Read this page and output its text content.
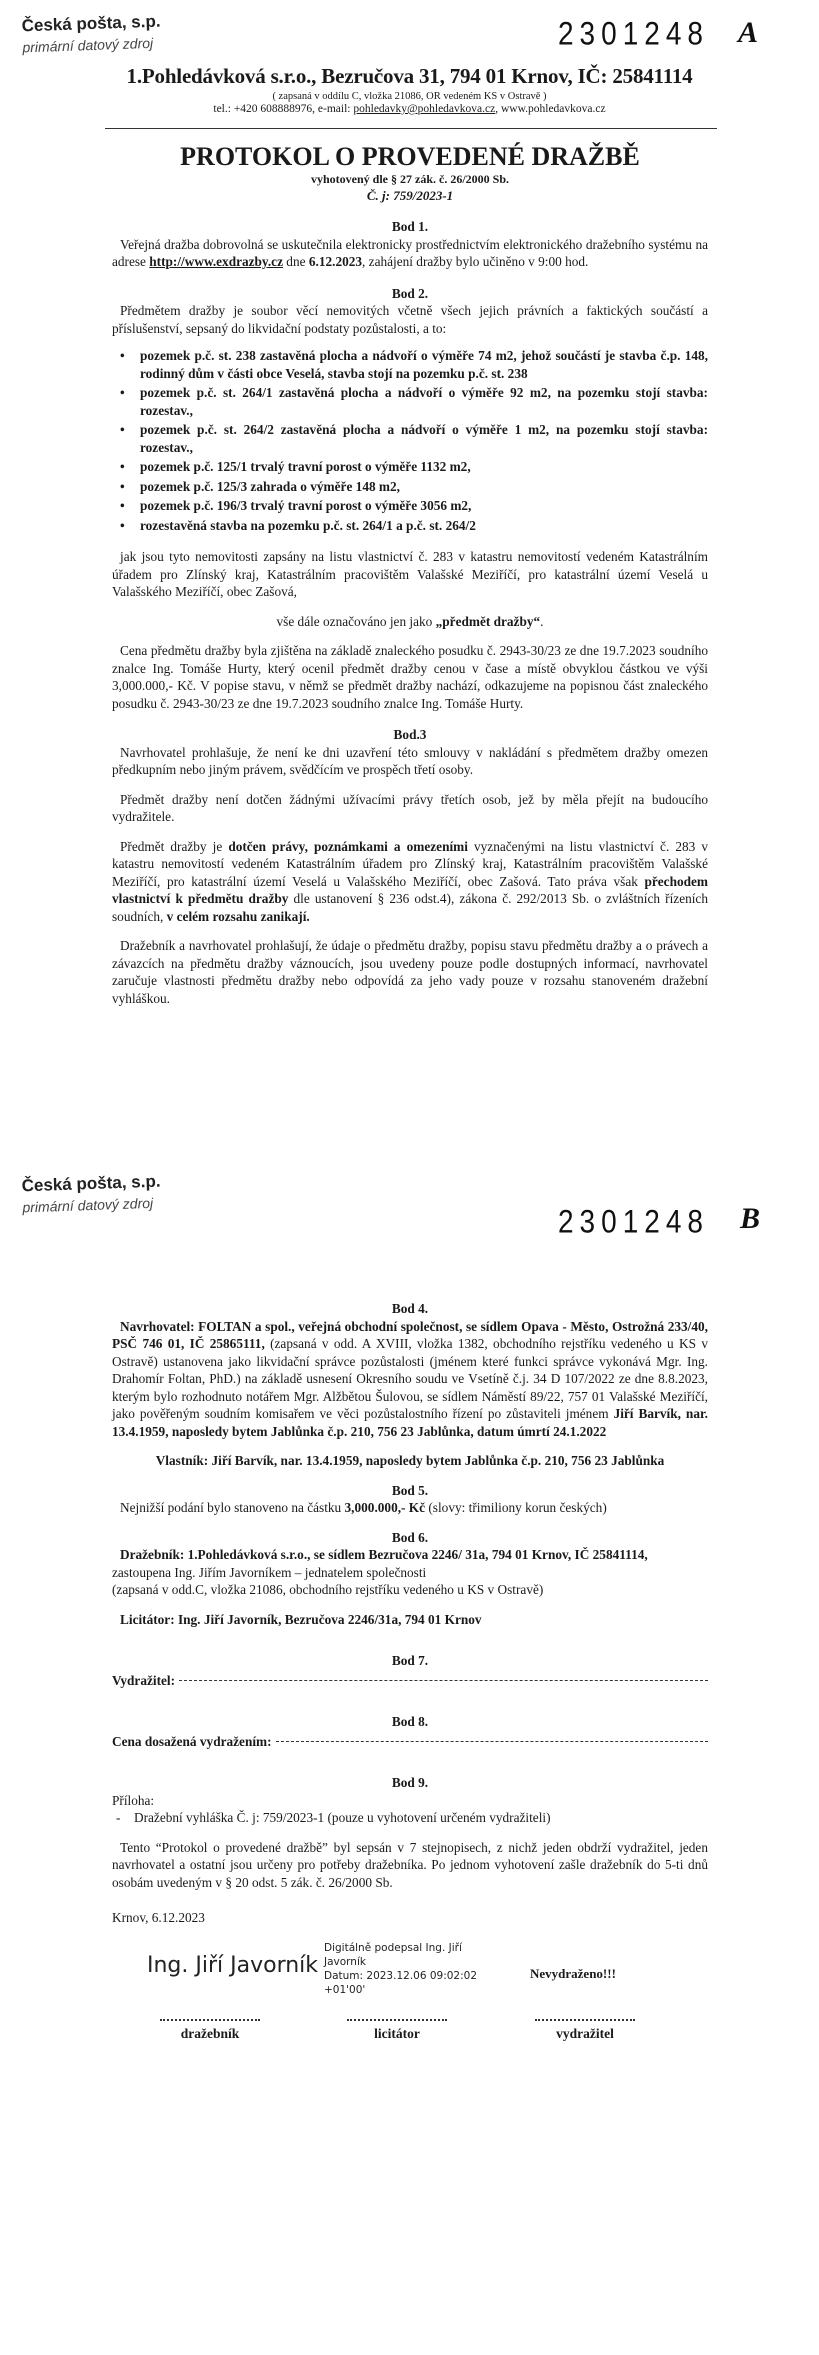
Česká pošta, s.p.
primární datový zdroj	2301248 A
1.Pohledávková s.r.o., Bezručova 31, 794 01 Krnov, IČ: 25841114
( zapsaná v oddílu C, vložka 21086, OR vedeném KS v Ostravě )
tel.: +420 608888976, e-mail: pohledavky@pohledavkova.cz, www.pohledavkova.cz
PROTOKOL O PROVEDENÉ DRAŽBĚ
vyhotovený dle § 27 zák. č. 26/2000 Sb.
Č. j: 759/2023-1
Bod 1.

Veřejná dražba dobrovolná se uskutečnila elektronicky prostřednictvím elektronického dražebního systému na adrese http://www.exdrazby.cz dne 6.12.2023, zahájení dražby bylo učiněno v 9:00 hod.

Bod 2.

Předmětem dražby je soubor věcí nemovitých včetně všech jejich právních a faktických součástí a příslušenství, sepsaný do likvidační podstaty pozůstalosti, a to:

• pozemek p.č. st. 238 zastavěná plocha a nádvoří o výměře 74 m2, jehož součástí je stavba č.p. 148, rodinný dům v části obce Veselá, stavba stojí na pozemku p.č. st. 238
• pozemek p.č. st. 264/1 zastavěná plocha a nádvoří o výměře 92 m2, na pozemku stojí stavba: rozestav.,
• pozemek p.č. st. 264/2 zastavěná plocha a nádvoří o výměře 1 m2, na pozemku stojí stavba: rozestav.,
• pozemek p.č. 125/1 trvalý travní porost o výměře 1132 m2,
• pozemek p.č. 125/3 zahrada o výměře 148 m2,
• pozemek p.č. 196/3 trvalý travní porost o výměře 3056 m2,
• rozestavěná stavba na pozemku p.č. st. 264/1 a p.č. st. 264/2

jak jsou tyto nemovitosti zapsány na listu vlastnictví č. 283 v katastru nemovitostí vedeném Katastrálním úřadem pro Zlínský kraj, Katastrálním pracovištěm Valašské Meziříčí, pro katastrální území Veselá u Valašského Meziříčí, obec Zašová,

vše dále označováno jen jako „předmět dražby“.

Cena předmětu dražby byla zjištěna na základě znaleckého posudku č. 2943-30/23 ze dne 19.7.2023 soudního znalce Ing. Tomáše Hurty, který ocenil předmět dražby cenou v čase a místě obvyklou částkou ve výši 3,000.000,- Kč. V popise stavu, v němž se předmět dražby nachází, odkazujeme na popisnou část znaleckého posudku č. 2943-30/23 ze dne 19.7.2023 soudního znalce Ing. Tomáše Hurty.

Bod.3

Navrhovatel prohlašuje, že není ke dni uzavření této smlouvy v nakládání s předmětem dražby omezen předkupním nebo jiným právem, svědčícím ve prospěch třetí osoby.

Předmět dražby není dotčen žádnými užívacími právy třetích osob, jež by měla přejít na budoucího vydražitele.

Předmět dražby je dotčen právy, poznámkami a omezeními vyznačenými na listu vlastnictví č. 283 v katastru nemovitostí vedeném Katastrálním úřadem pro Zlínský kraj, Katastrálním pracovištěm Valašské Meziříčí, pro katastrální území Veselá u Valašského Meziříčí, obec Zašová. Tato práva však přechodem vlastnictví k předmětu dražby dle ustanovení § 236 odst.4), zákona č. 292/2013 Sb. o zvláštních řízeních soudních, v celém rozsahu zanikají.

Dražebník a navrhovatel prohlašují, že údaje o předmětu dražby, popisu stavu předmětu dražby a o právech a závazcích na předmětu dražby váznoucích, jsou uvedeny pouze podle dostupných informací, navrhovatel zaručuje vlastnosti předmětu dražby nebo odpovídá za jeho vady pouze v rozsahu stanoveném dražební vyhláškou.

Česká pošta, s.p.
primární datový zdroj	2301248 B
Bod 4.

Navrhovatel: FOLTAN a spol., veřejná obchodní společnost, se sídlem Opava - Město, Ostrožná 233/40, PSČ 746 01, IČ 25865111, (zapsaná v odd. A XVIII, vložka 1382, obchodního rejstříku vedeného u KS v Ostravě) ustanovena jako likvidační správce pozůstalosti (jménem které funkci správce vykonává Mgr. Ing. Drahomír Foltan, PhD.) na základě usnesení Okresního soudu ve Vsetíně č.j. 34 D 107/2022 ze dne 8.8.2023, kterým bylo rozhodnuto notářem Mgr. Alžbětou Šulovou, se sídlem Náměstí 89/22, 757 01 Valašské Meziříčí, jako pověřeným soudním komisařem ve věci pozůstalostního řízení po zůstaviteli jménem Jiří Barvík, nar. 13.4.1959, naposledy bytem Jablůnka č.p. 210, 756 23 Jablůnka, datum úmrtí 24.1.2022

Vlastník: Jiří Barvík, nar. 13.4.1959, naposledy bytem Jablůnka č.p. 210, 756 23 Jablůnka

Bod 5.

Nejnižší podání bylo stanoveno na částku 3,000.000,- Kč (slovy: třimiliony korun českých)

Bod 6.

Dražebník: 1.Pohledávková s.r.o., se sídlem Bezručova 2246/ 31a, 794 01 Krnov, IČ 25841114,

zastoupena Ing. Jiřím Javorníkem – jednatelem společnosti

(zapsaná v odd.C, vložka 21086, obchodního rejstříku vedeného u KS v Ostravě)

Licitátor: Ing. Jiří Javorník, Bezručova 2246/31a, 794 01 Krnov

Bod 7.
Vydražitel:
Bod 8.
Cena dosažená vydražením:
Bod 9.

Příloha:

- Dražební vyhláška Č. j: 759/2023-1 (pouze u vyhotovení určeném vydražiteli)

Tento “Protokol o provedené dražbě” byl sepsán v 7 stejnopisech, z nichž jeden obdrží vydražitel, jeden navrhovatel a ostatní jsou určeny pro potřeby dražebníka. Po jednom vyhotovení zašle dražebník do 5-ti dnů osobám uvedeným v § 20 odst. 5 zák. č. 26/2000 Sb.

Krnov, 6.12.2023

Ing. Jiří Javorník
Digitálně podepsal Ing. Jiří
Javorník
Datum: 2023.12.06 09:02:02
+01'00'
Nevydraženo!!!
dražebník	licitátor	vydražitel
